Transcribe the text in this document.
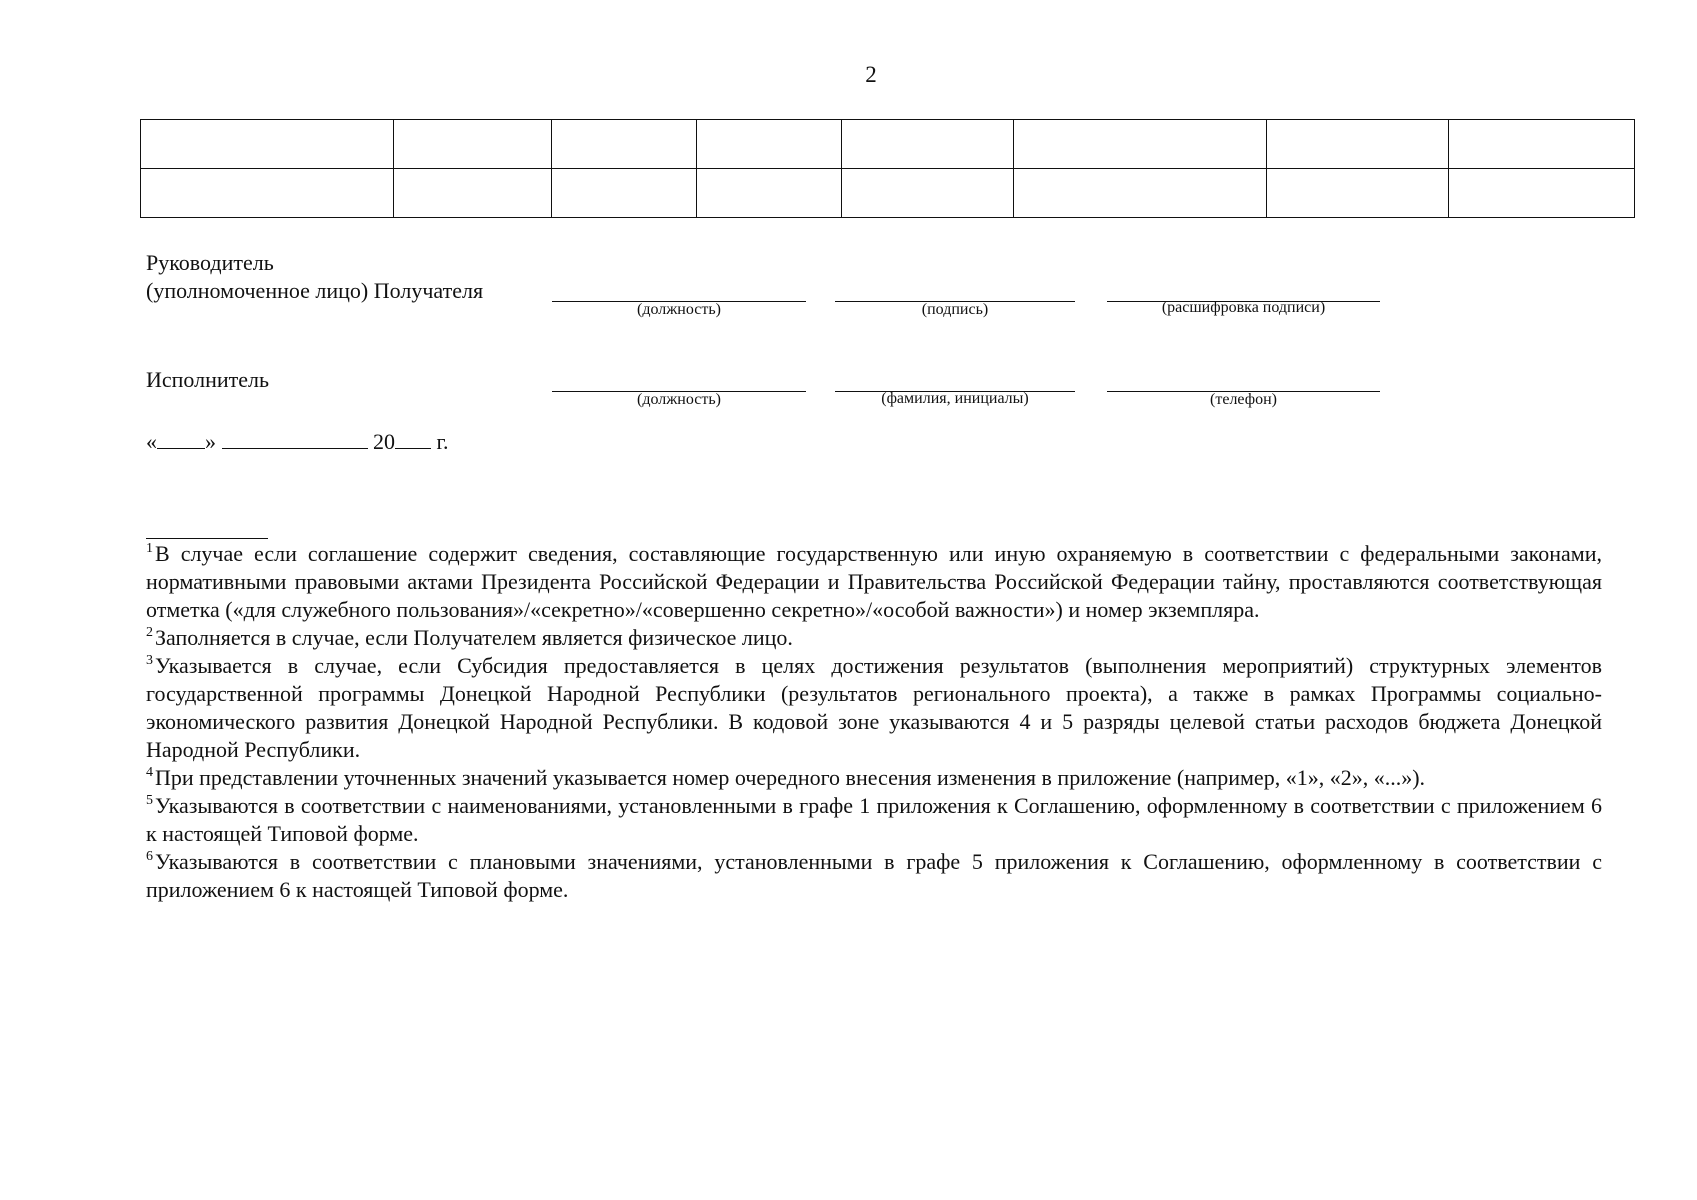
2

Руководитель
(уполномоченное лицо) Получателя
(должность)	(подпись)	(расшифровка подписи)
Исполнитель
(должность)	(фамилия, инициалы)	(телефон)
« »	20 г.

$^1$В случае если соглашение содержит сведения, составляющие государственную или иную охраняемую в соответствии с федеральными законами, нормативными правовыми актами Президента Российской Федерации и Правительства Российской Федерации тайну, проставляются соответствующая отметка («для служебного пользования»/«секретно»/«совершенно секретно»/«особой важности») и номер экземпляра.

$^2$Заполняется в случае, если Получателем является физическое лицо.

$^3$Указывается в случае, если Субсидия предоставляется в целях достижения результатов (выполнения мероприятий) структурных элементов государственной программы Донецкой Народной Республики (результатов регионального проекта), а также в рамках Программы социально-экономического развития Донецкой Народной Республики. В кодовой зоне указываются 4 и 5 разряды целевой статьи расходов бюджета Донецкой Народной Республики.

$^4$При представлении уточненных значений указывается номер очередного внесения изменения в приложение (например, «1», «2», «...»).

$^5$Указываются в соответствии с наименованиями, установленными в графе 1 приложения к Соглашению, оформленному в соответствии с приложением 6 к настоящей Типовой форме.

$^6$Указываются в соответствии с плановыми значениями, установленными в графе 5 приложения к Соглашению, оформленному в соответствии с приложением 6 к настоящей Типовой форме.
